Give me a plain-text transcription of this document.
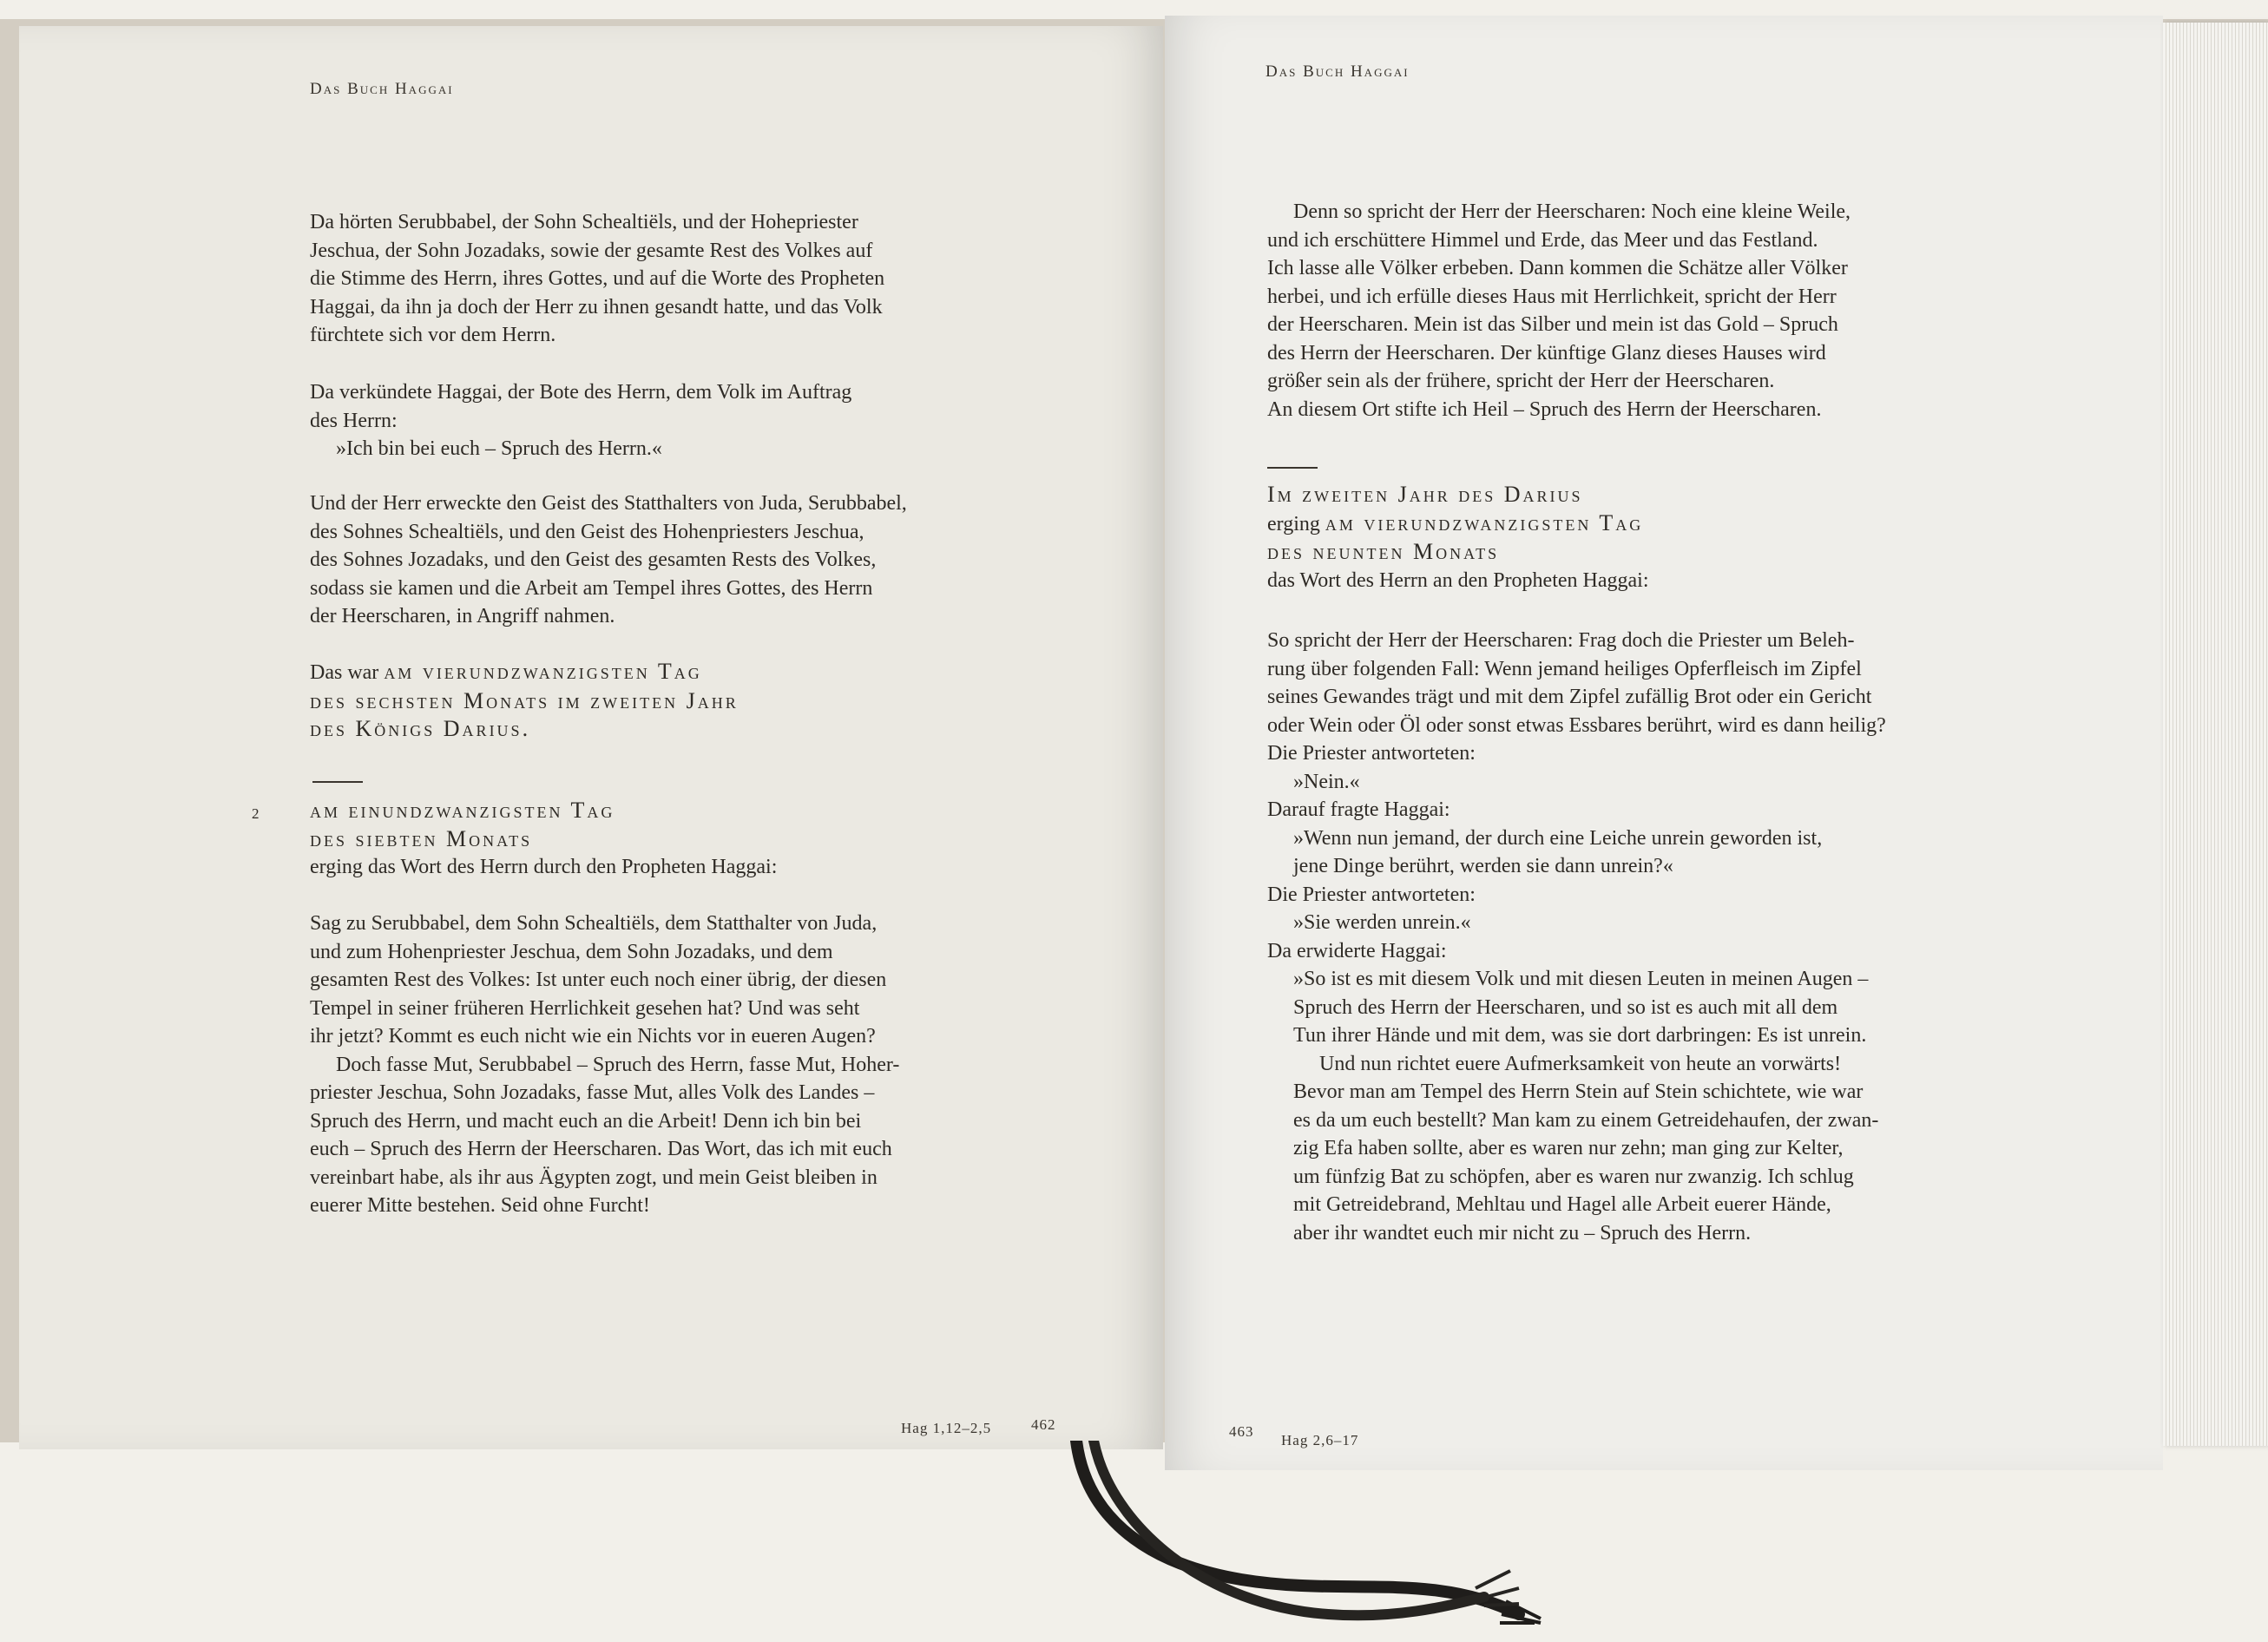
Das Buch Haggai

Da hörten Serubbabel, der Sohn Schealtiëls, und der Hohepriester

Jeschua, der Sohn Jozadaks, sowie der gesamte Rest des Volkes auf

die Stimme des Herrn, ihres Gottes, und auf die Worte des Propheten

Haggai, da ihn ja doch der Herr zu ihnen gesandt hatte, und das Volk

fürchtete sich vor dem Herrn.

Da verkündete Haggai, der Bote des Herrn, dem Volk im Auftrag

des Herrn:

»Ich bin bei euch – Spruch des Herrn.«

Und der Herr erweckte den Geist des Statthalters von Juda, Serubbabel,

des Sohnes Schealtiëls, und den Geist des Hohenpriesters Jeschua,

des Sohnes Jozadaks, und den Geist des gesamten Rests des Volkes,

sodass sie kamen und die Arbeit am Tempel ihres Gottes, des Herrn

der Heerscharen, in Angriff nahmen.

Das war am vierundzwanzigsten Tag

des sechsten Monats im zweiten Jahr

des Königs Darius.

2 am einundzwanzigsten Tag

des siebten Monats

erging das Wort des Herrn durch den Propheten Haggai:

Sag zu Serubbabel, dem Sohn Schealtiëls, dem Statthalter von Juda,

und zum Hohenpriester Jeschua, dem Sohn Jozadaks, und dem

gesamten Rest des Volkes: Ist unter euch noch einer übrig, der diesen

Tempel in seiner früheren Herrlichkeit gesehen hat? Und was seht

ihr jetzt? Kommt es euch nicht wie ein Nichts vor in eueren Augen?

Doch fasse Mut, Serubbabel – Spruch des Herrn, fasse Mut, Hoher-

priester Jeschua, Sohn Jozadaks, fasse Mut, alles Volk des Landes –

Spruch des Herrn, und macht euch an die Arbeit! Denn ich bin bei

euch – Spruch des Herrn der Heerscharen. Das Wort, das ich mit euch

vereinbart habe, als ihr aus Ägypten zogt, und mein Geist bleiben in

euerer Mitte bestehen. Seid ohne Furcht!

Hag 1,12–2,5	462
Das Buch Haggai

Denn so spricht der Herr der Heerscharen: Noch eine kleine Weile,

und ich erschüttere Himmel und Erde, das Meer und das Festland.

Ich lasse alle Völker erbeben. Dann kommen die Schätze aller Völker

herbei, und ich erfülle dieses Haus mit Herrlichkeit, spricht der Herr

der Heerscharen. Mein ist das Silber und mein ist das Gold – Spruch

des Herrn der Heerscharen. Der künftige Glanz dieses Hauses wird

größer sein als der frühere, spricht der Herr der Heerscharen.

An diesem Ort stifte ich Heil – Spruch des Herrn der Heerscharen.

Im zweiten Jahr des Darius

erging am vierundzwanzigsten Tag

des neunten Monats

das Wort des Herrn an den Propheten Haggai:

So spricht der Herr der Heerscharen: Frag doch die Priester um Beleh-

rung über folgenden Fall: Wenn jemand heiliges Opferfleisch im Zipfel

seines Gewandes trägt und mit dem Zipfel zufällig Brot oder ein Gericht

oder Wein oder Öl oder sonst etwas Essbares berührt, wird es dann heilig?

Die Priester antworteten:

»Nein.«

Darauf fragte Haggai:

»Wenn nun jemand, der durch eine Leiche unrein geworden ist,

jene Dinge berührt, werden sie dann unrein?«

Die Priester antworteten:

»Sie werden unrein.«

Da erwiderte Haggai:

»So ist es mit diesem Volk und mit diesen Leuten in meinen Augen –

Spruch des Herrn der Heerscharen, und so ist es auch mit all dem

Tun ihrer Hände und mit dem, was sie dort darbringen: Es ist unrein.

Und nun richtet euere Aufmerksamkeit von heute an vorwärts!

Bevor man am Tempel des Herrn Stein auf Stein schichtete, wie war

es da um euch bestellt? Man kam zu einem Getreidehaufen, der zwan-

zig Efa haben sollte, aber es waren nur zehn; man ging zur Kelter,

um fünfzig Bat zu schöpfen, aber es waren nur zwanzig. Ich schlug

mit Getreidebrand, Mehltau und Hagel alle Arbeit euerer Hände,

aber ihr wandtet euch mir nicht zu – Spruch des Herrn.

463
Hag 2,6–17
